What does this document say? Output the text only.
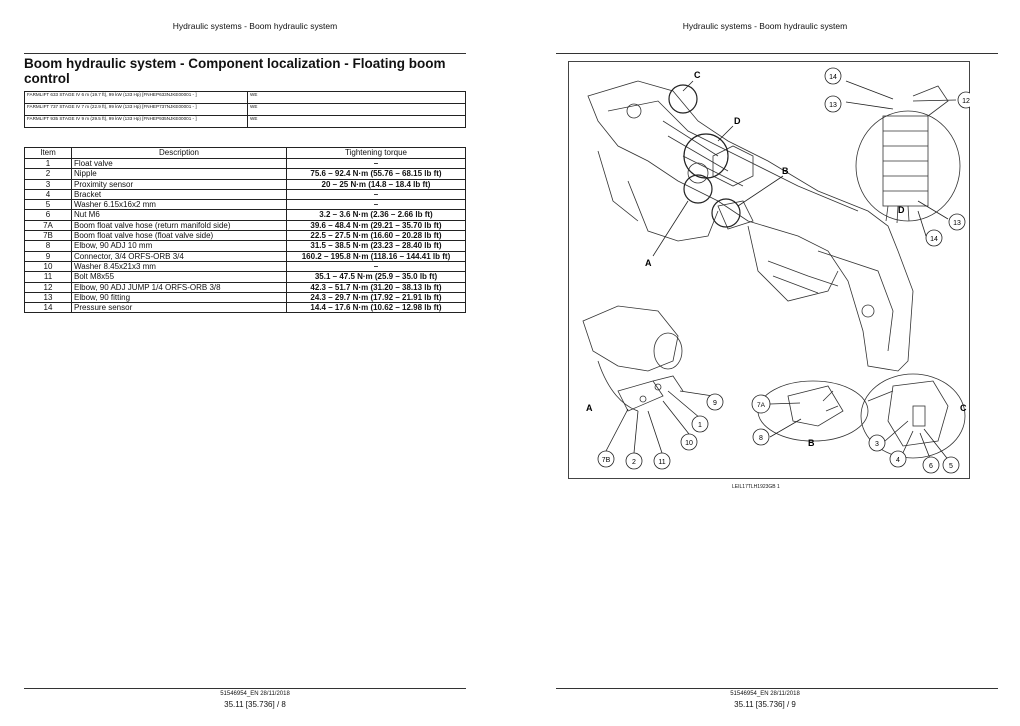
Hydraulic systems - Boom hydraulic system
Boom hydraulic system - Component localization - Floating boom control
FARMLIFT 633 STAGE IV 6 m (19.7 ft), 99 kW (133 Hp) [FNHEP633NJKE00001 - ]	WE
FARMLIFT 737 STAGE IV 7 m (22.9 ft), 99 kW (133 Hp) [FNHEP737NJKE00001 - ]	WE
FARMLIFT 935 STAGE IV 9 m (29.5 ft), 99 kW (133 Hp) [FNHEP935NJKE00001 - ]	WE
Item	Description	Tightening torque
1	Float valve	–
2	Nipple	75.6 – 92.4 N·m (55.76 – 68.15 lb ft)
3	Proximity sensor	20 – 25 N·m (14.8 – 18.4 lb ft)
4	Bracket	–
5	Washer 6.15x16x2 mm	–
6	Nut M6	3.2 – 3.6 N·m (2.36 – 2.66 lb ft)
7A	Boom float valve hose (return manifold side)	39.6 – 48.4 N·m (29.21 – 35.70 lb ft)
7B	Boom float valve hose (float valve side)	22.5 – 27.5 N·m (16.60 – 20.28 lb ft)
8	Elbow, 90 ADJ 10 mm	31.5 – 38.5 N·m (23.23 – 28.40 lb ft)
9	Connector, 3/4 ORFS-ORB 3/4	160.2 – 195.8 N·m (118.16 – 144.41 lb ft)
10	Washer 8.45x21x3 mm	–
11	Bolt M8x55	35.1 – 47.5 N·m (25.9 – 35.0 lb ft)
12	Elbow, 90 ADJ JUMP 1/4 ORFS-ORB 3/8	42.3 – 51.7 N·m (31.20 – 38.13 lb ft)
13	Elbow, 90 fitting	24.3 – 29.7 N·m (17.92 – 21.91 lb ft)
14	Pressure sensor	14.4 – 17.6 N·m (10.62 – 12.98 lb ft)
51546954_EN 28/11/2018
35.11 [35.736] / 8
Hydraulic systems - Boom hydraulic system
51546954_EN 28/11/2018
35.11 [35.736] / 9
C
D
B
A
D
14
13
12
13
14
A
7B	2	11
10
1
9
B
7A
8
C
3
4
6 5
LEIL17TLH1923GB 1
